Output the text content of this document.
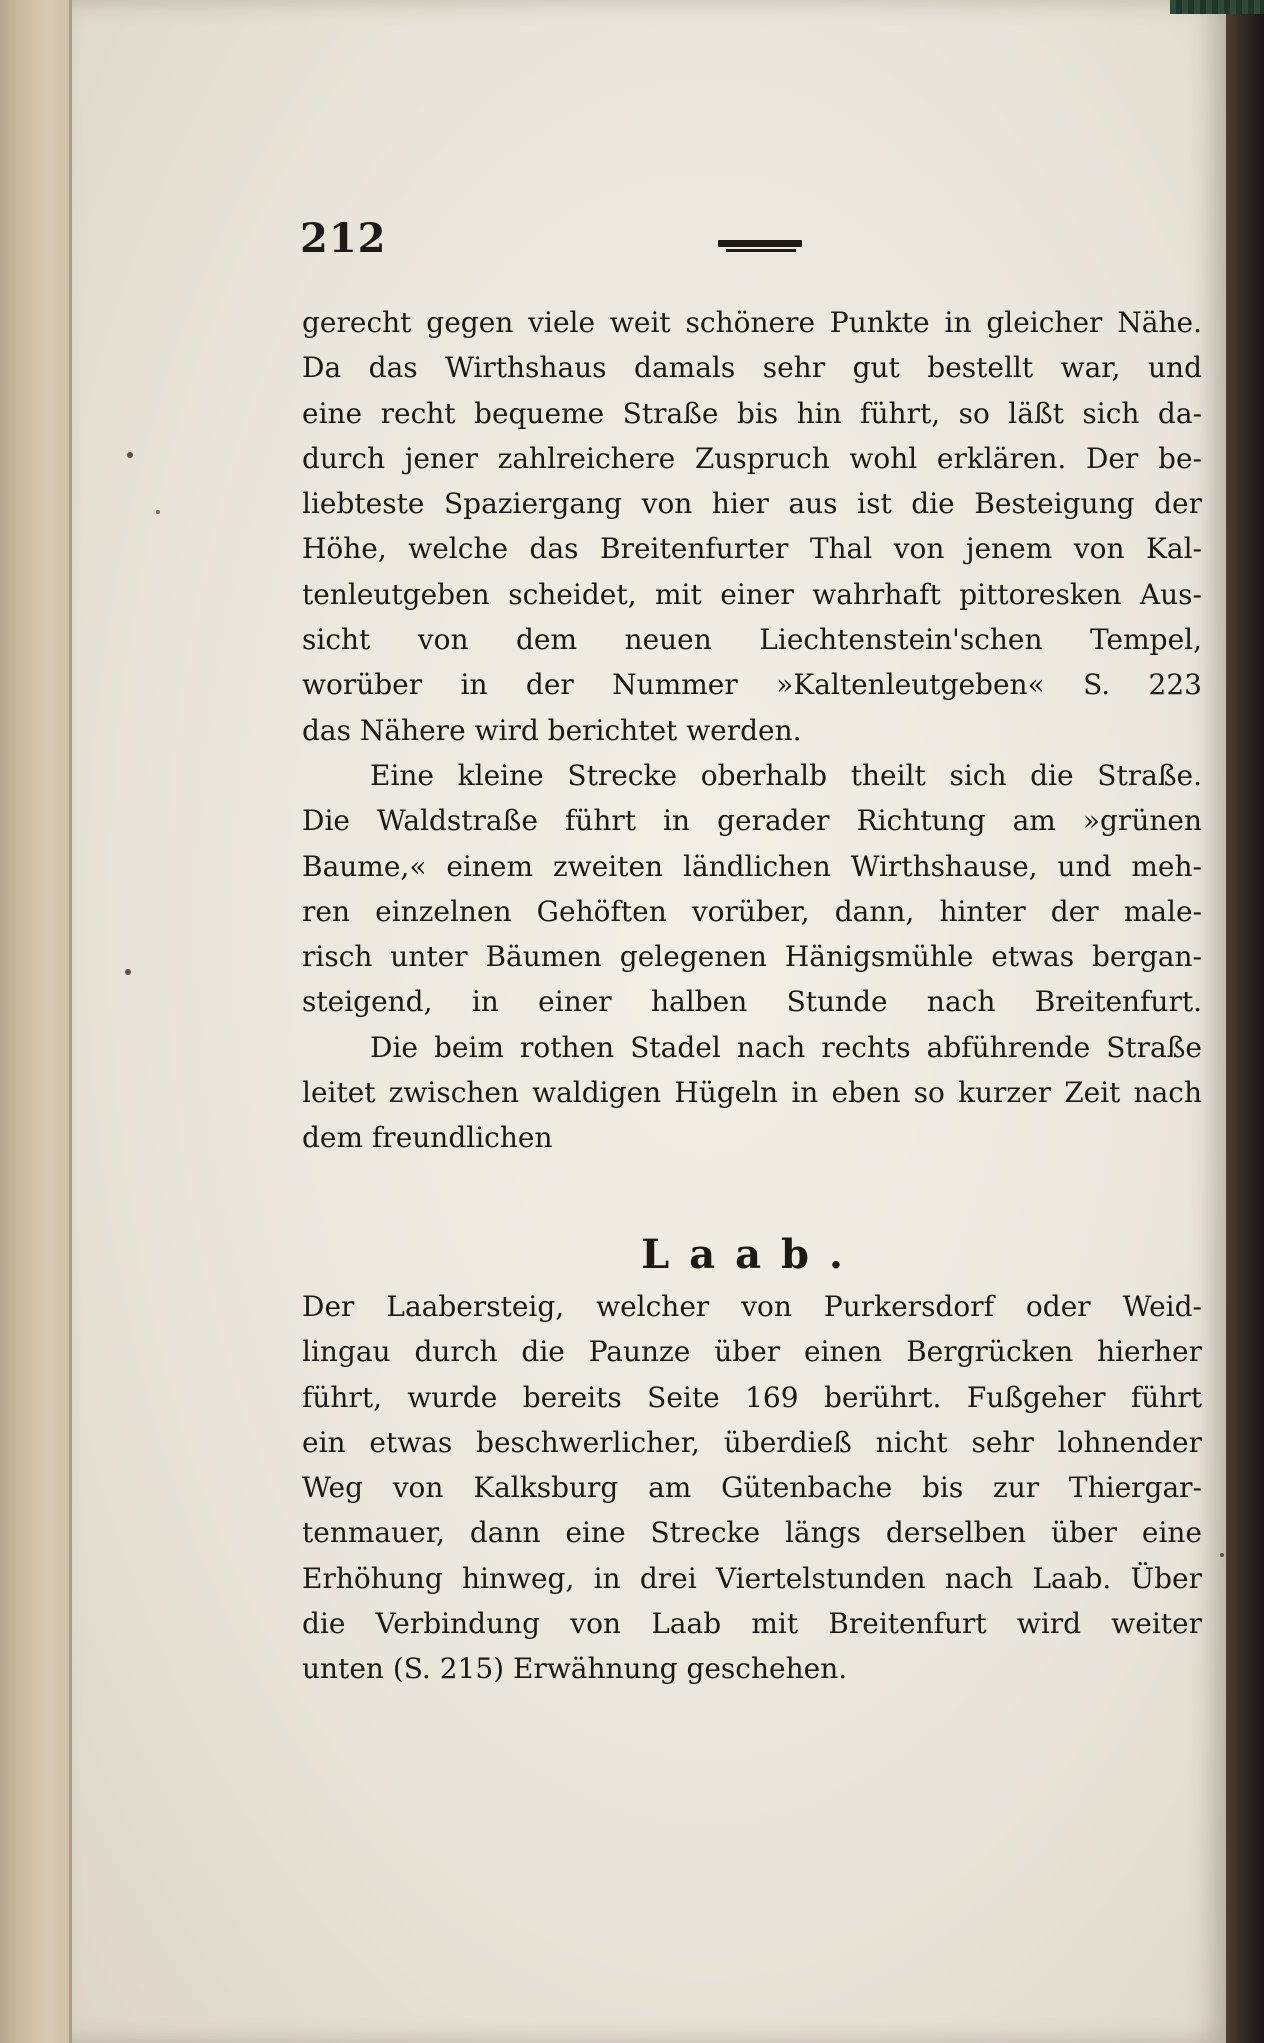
212
gerecht gegen viele weit schönere Punkte in gleicher Nähe.
Da das Wirthshaus damals sehr gut bestellt war, und
eine recht bequeme Straße bis hin führt, so läßt sich da-
durch jener zahlreichere Zuspruch wohl erklären. Der be-
liebteste Spaziergang von hier aus ist die Besteigung der
Höhe, welche das Breitenfurter Thal von jenem von Kal-
tenleutgeben scheidet, mit einer wahrhaft pittoresken Aus-
sicht von dem neuen Liechtenstein'schen Tempel,
worüber in der Nummer »Kaltenleutgeben« S. 223
das Nähere wird berichtet werden.
Eine kleine Strecke oberhalb theilt sich die Straße.
Die Waldstraße führt in gerader Richtung am »grünen
Baume,« einem zweiten ländlichen Wirthshause, und meh-
ren einzelnen Gehöften vorüber, dann, hinter der male-
risch unter Bäumen gelegenen Hänigsmühle etwas bergan-
steigend, in einer halben Stunde nach Breitenfurt.
Die beim rothen Stadel nach rechts abführende Straße
leitet zwischen waldigen Hügeln in eben so kurzer Zeit nach
dem freundlichen
Laab.
Der Laabersteig, welcher von Purkersdorf oder Weid-
lingau durch die Paunze über einen Bergrücken hierher
führt, wurde bereits Seite 169 berührt. Fußgeher führt
ein etwas beschwerlicher, überdieß nicht sehr lohnender
Weg von Kalksburg am Gütenbache bis zur Thiergar-
tenmauer, dann eine Strecke längs derselben über eine
Erhöhung hinweg, in drei Viertelstunden nach Laab. Über
die Verbindung von Laab mit Breitenfurt wird weiter
unten (S. 215) Erwähnung geschehen.
